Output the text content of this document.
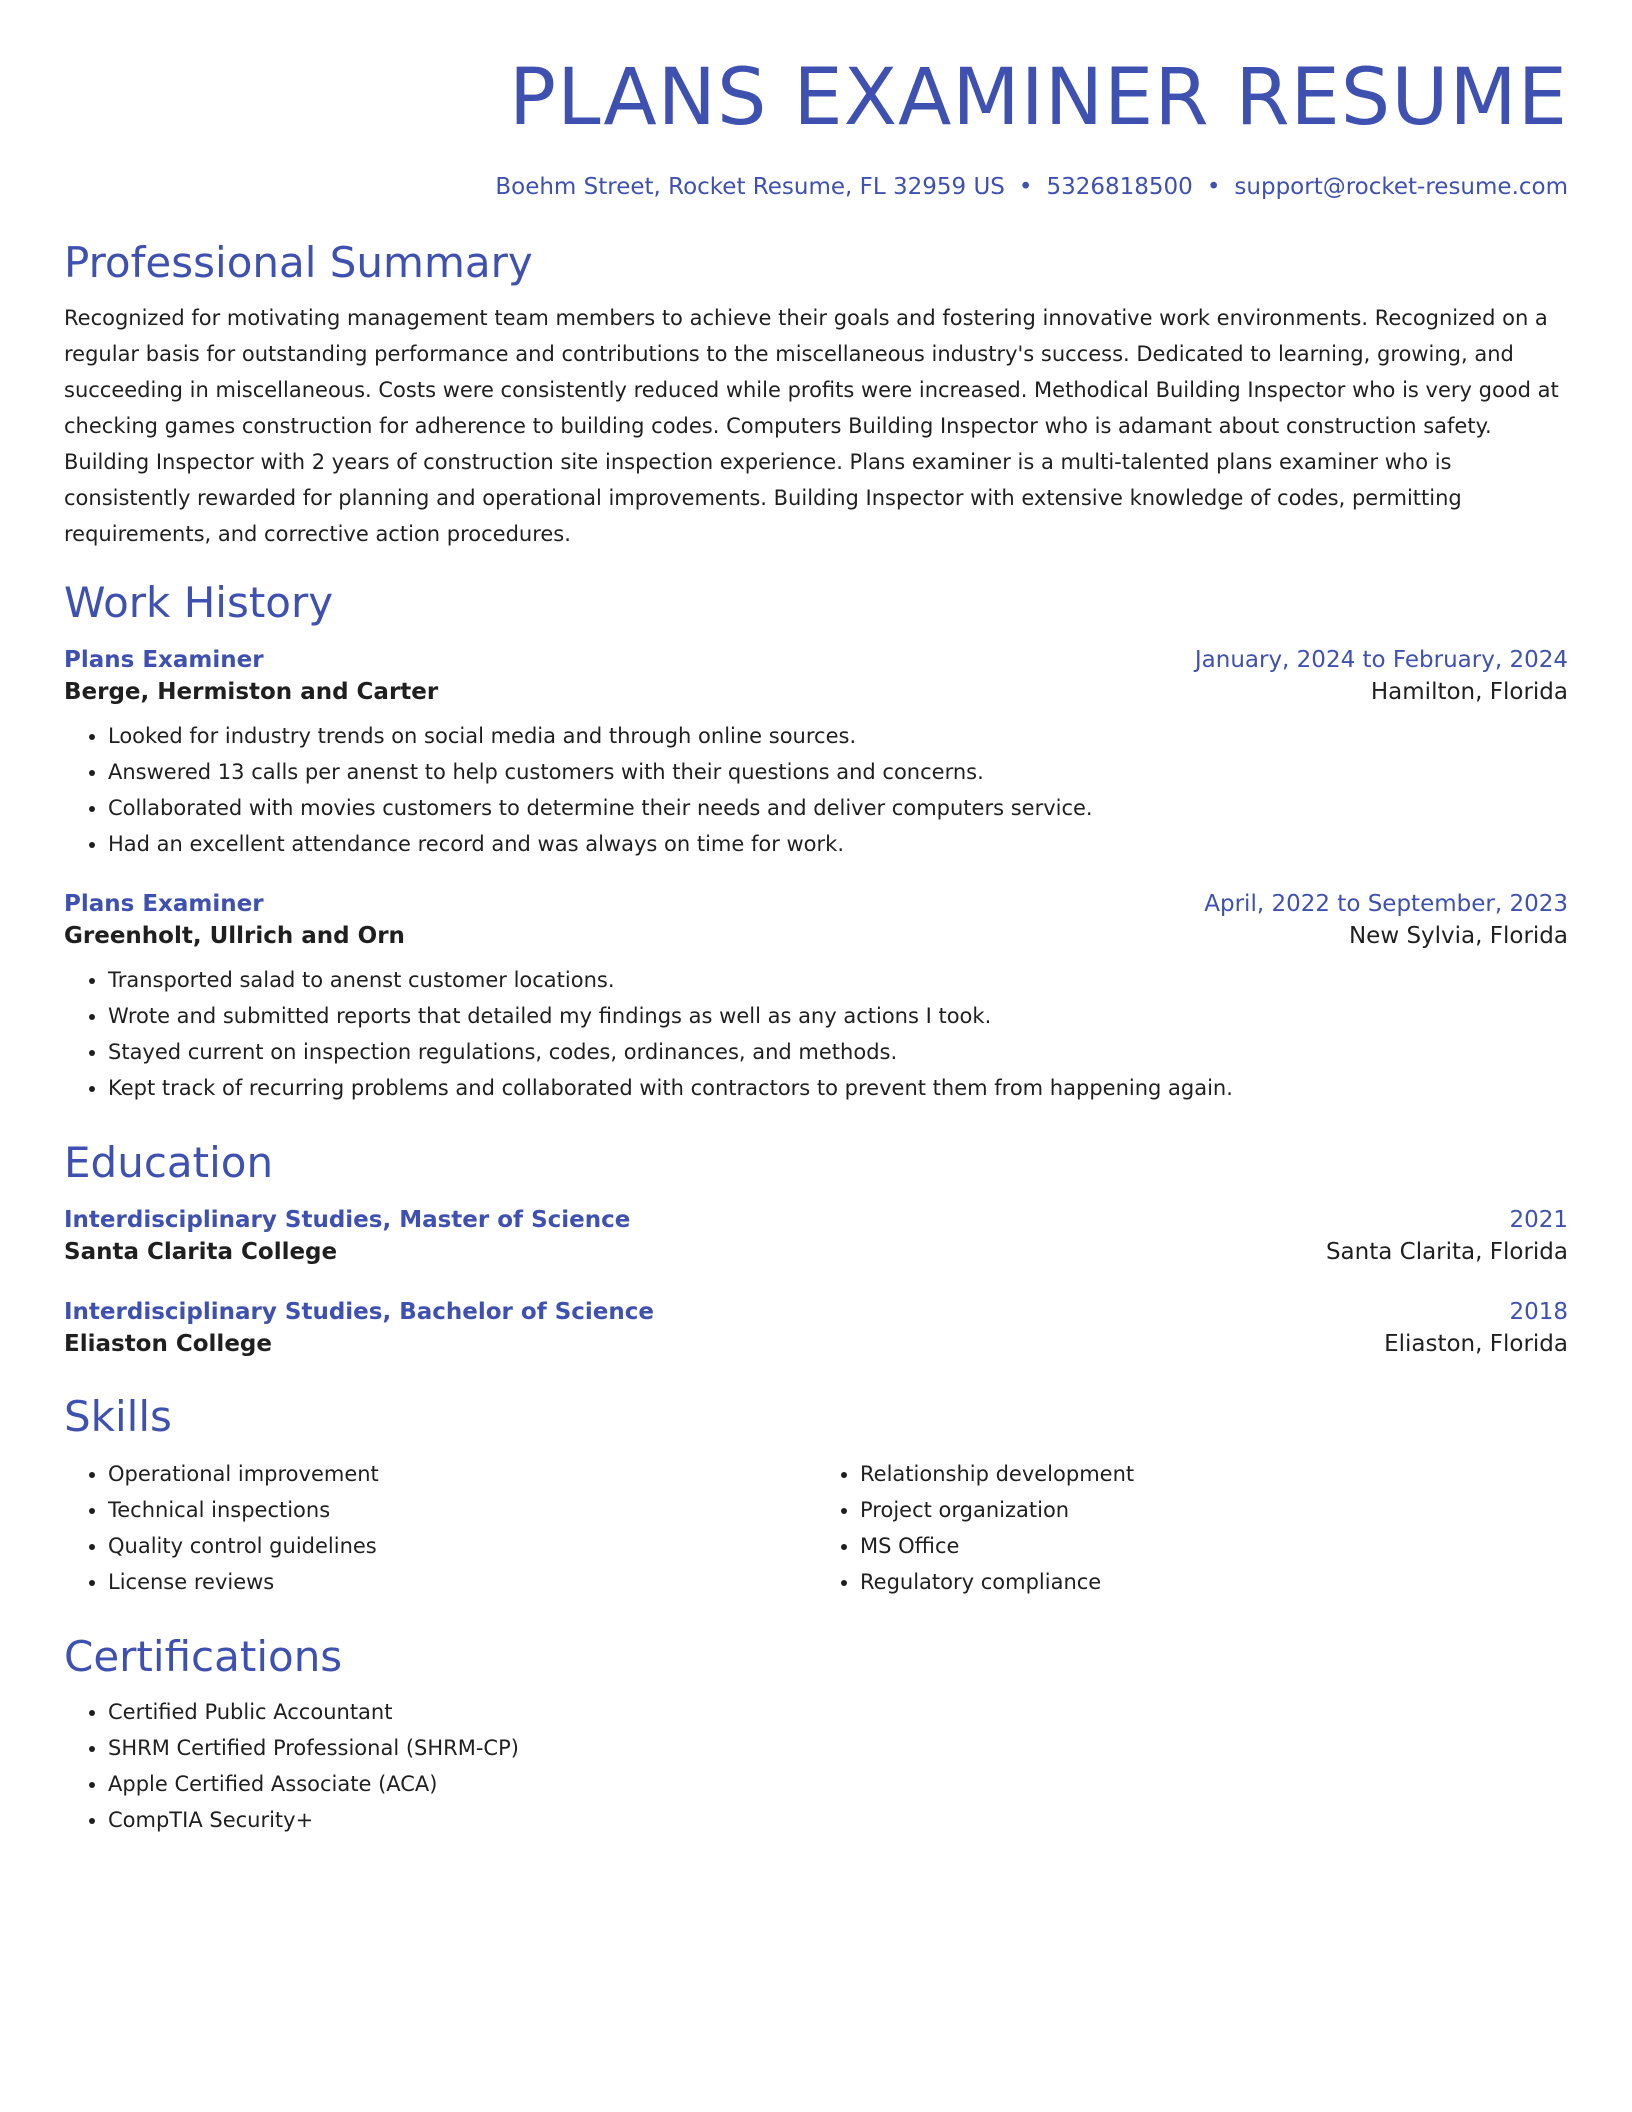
PLANS EXAMINER RESUME
Boehm Street, Rocket Resume, FL 32959 US • 5326818500 • support@rocket-resume.com
Professional Summary
Recognized for motivating management team members to achieve their goals and fostering innovative work environments. Recognized on a regular basis for outstanding performance and contributions to the miscellaneous industry's success. Dedicated to learning, growing, and succeeding in miscellaneous. Costs were consistently reduced while profits were increased. Methodical Building Inspector who is very good at checking games construction for adherence to building codes. Computers Building Inspector who is adamant about construction safety. Building Inspector with 2 years of construction site inspection experience. Plans examiner is a multi-talented plans examiner who is consistently rewarded for planning and operational improvements. Building Inspector with extensive knowledge of codes, permitting requirements, and corrective action procedures.
Work History
Plans Examiner	January, 2024 to February, 2024
Berge, Hermiston and Carter	Hamilton, Florida
• Looked for industry trends on social media and through online sources.
• Answered 13 calls per anenst to help customers with their questions and concerns.
• Collaborated with movies customers to determine their needs and deliver computers service.
• Had an excellent attendance record and was always on time for work.
Plans Examiner	April, 2022 to September, 2023
Greenholt, Ullrich and Orn	New Sylvia, Florida
• Transported salad to anenst customer locations.
• Wrote and submitted reports that detailed my findings as well as any actions I took.
• Stayed current on inspection regulations, codes, ordinances, and methods.
• Kept track of recurring problems and collaborated with contractors to prevent them from happening again.
Education
Interdisciplinary Studies, Master of Science	2021
Santa Clarita College	Santa Clarita, Florida
Interdisciplinary Studies, Bachelor of Science	2018
Eliaston College	Eliaston, Florida
Skills
• Operational improvement
• Technical inspections
• Quality control guidelines
• License reviews
• Relationship development
• Project organization
• MS Office
• Regulatory compliance
Certifications
• Certified Public Accountant
• SHRM Certified Professional (SHRM-CP)
• Apple Certified Associate (ACA)
• CompTIA Security+
